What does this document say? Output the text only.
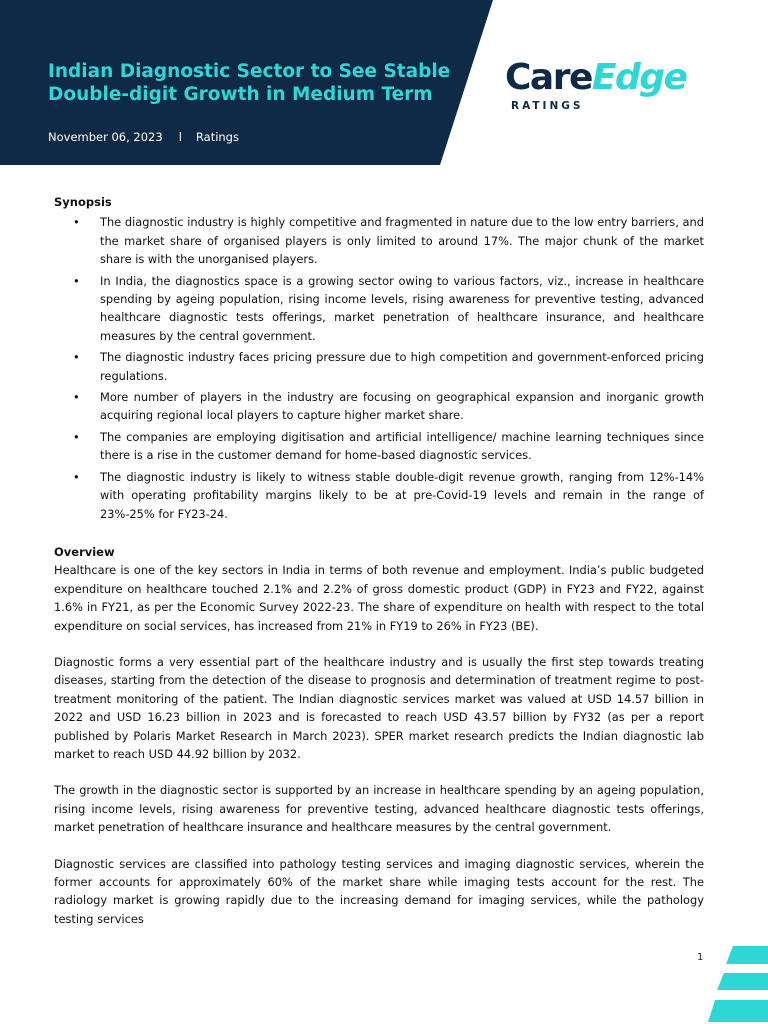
Indian Diagnostic Sector to See Stable
Double-digit Growth in Medium Term
November 06, 2023 l Ratings
CareEdge
RATINGS
Synopsis
• The diagnostic industry is highly competitive and fragmented in nature due to the low entry barriers, and the market share of organised players is only limited to around 17%. The major chunk of the market share is with the unorganised players.
• In India, the diagnostics space is a growing sector owing to various factors, viz., increase in healthcare spending by ageing population, rising income levels, rising awareness for preventive testing, advanced healthcare diagnostic tests offerings, market penetration of healthcare insurance, and healthcare measures by the central government.
• The diagnostic industry faces pricing pressure due to high competition and government-enforced pricing regulations.
• More number of players in the industry are focusing on geographical expansion and inorganic growth acquiring regional local players to capture higher market share.
• The companies are employing digitisation and artificial intelligence/ machine learning techniques since there is a rise in the customer demand for home-based diagnostic services.
• The diagnostic industry is likely to witness stable double-digit revenue growth, ranging from 12%-14% with operating profitability margins likely to be at pre-Covid-19 levels and remain in the range of 23%-25% for FY23-24.
Overview

Healthcare is one of the key sectors in India in terms of both revenue and employment. India’s public budgeted expenditure on healthcare touched 2.1% and 2.2% of gross domestic product (GDP) in FY23 and FY22, against 1.6% in FY21, as per the Economic Survey 2022-23. The share of expenditure on health with respect to the total expenditure on social services, has increased from 21% in FY19 to 26% in FY23 (BE).

Diagnostic forms a very essential part of the healthcare industry and is usually the first step towards treating diseases, starting from the detection of the disease to prognosis and determination of treatment regime to post-treatment monitoring of the patient. The Indian diagnostic services market was valued at USD 14.57 billion in 2022 and USD 16.23 billion in 2023 and is forecasted to reach USD 43.57 billion by FY32 (as per a report published by Polaris Market Research in March 2023). SPER market research predicts the Indian diagnostic lab market to reach USD 44.92 billion by 2032.

The growth in the diagnostic sector is supported by an increase in healthcare spending by an ageing population, rising income levels, rising awareness for preventive testing, advanced healthcare diagnostic tests offerings, market penetration of healthcare insurance and healthcare measures by the central government.

Diagnostic services are classified into pathology testing services and imaging diagnostic services, wherein the former accounts for approximately 60% of the market share while imaging tests account for the rest. The radiology market is growing rapidly due to the increasing demand for imaging services, while the pathology testing services

1
